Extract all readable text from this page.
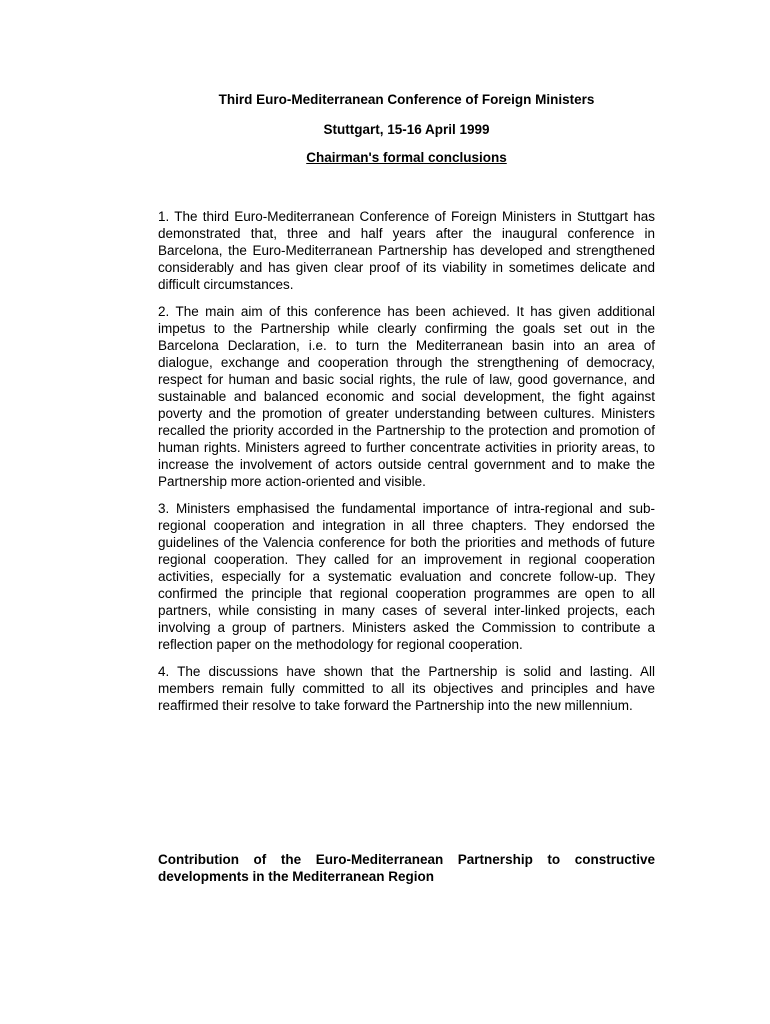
Third Euro-Mediterranean Conference of Foreign Ministers
Stuttgart, 15-16 April 1999
Chairman's formal conclusions

1. The third Euro-Mediterranean Conference of Foreign Ministers in Stuttgart has demonstrated that, three and half years after the inaugural conference in Barcelona, the Euro-Mediterranean Partnership has developed and strengthened considerably and has given clear proof of its viability in sometimes delicate and difficult circumstances.

2. The main aim of this conference has been achieved. It has given additional impetus to the Partnership while clearly confirming the goals set out in the Barcelona Declaration, i.e. to turn the Mediterranean basin into an area of dialogue, exchange and cooperation through the strengthening of democracy, respect for human and basic social rights, the rule of law, good governance, and sustainable and balanced economic and social development, the fight against poverty and the promotion of greater understanding between cultures. Ministers recalled the priority accorded in the Partnership to the protection and promotion of human rights. Ministers agreed to further concentrate activities in priority areas, to increase the involvement of actors outside central government and to make the Partnership more action-oriented and visible.

3. Ministers emphasised the fundamental importance of intra-regional and sub-regional cooperation and integration in all three chapters. They endorsed the guidelines of the Valencia conference for both the priorities and methods of future regional cooperation. They called for an improvement in regional cooperation activities, especially for a systematic evaluation and concrete follow-up. They confirmed the principle that regional cooperation programmes are open to all partners, while consisting in many cases of several inter-linked projects, each involving a group of partners. Ministers asked the Commission to contribute a reflection paper on the methodology for regional cooperation.

4. The discussions have shown that the Partnership is solid and lasting. All members remain fully committed to all its objectives and principles and have reaffirmed their resolve to take forward the Partnership into the new millennium.

Contribution of the Euro-Mediterranean Partnership to constructive developments in the Mediterranean Region
